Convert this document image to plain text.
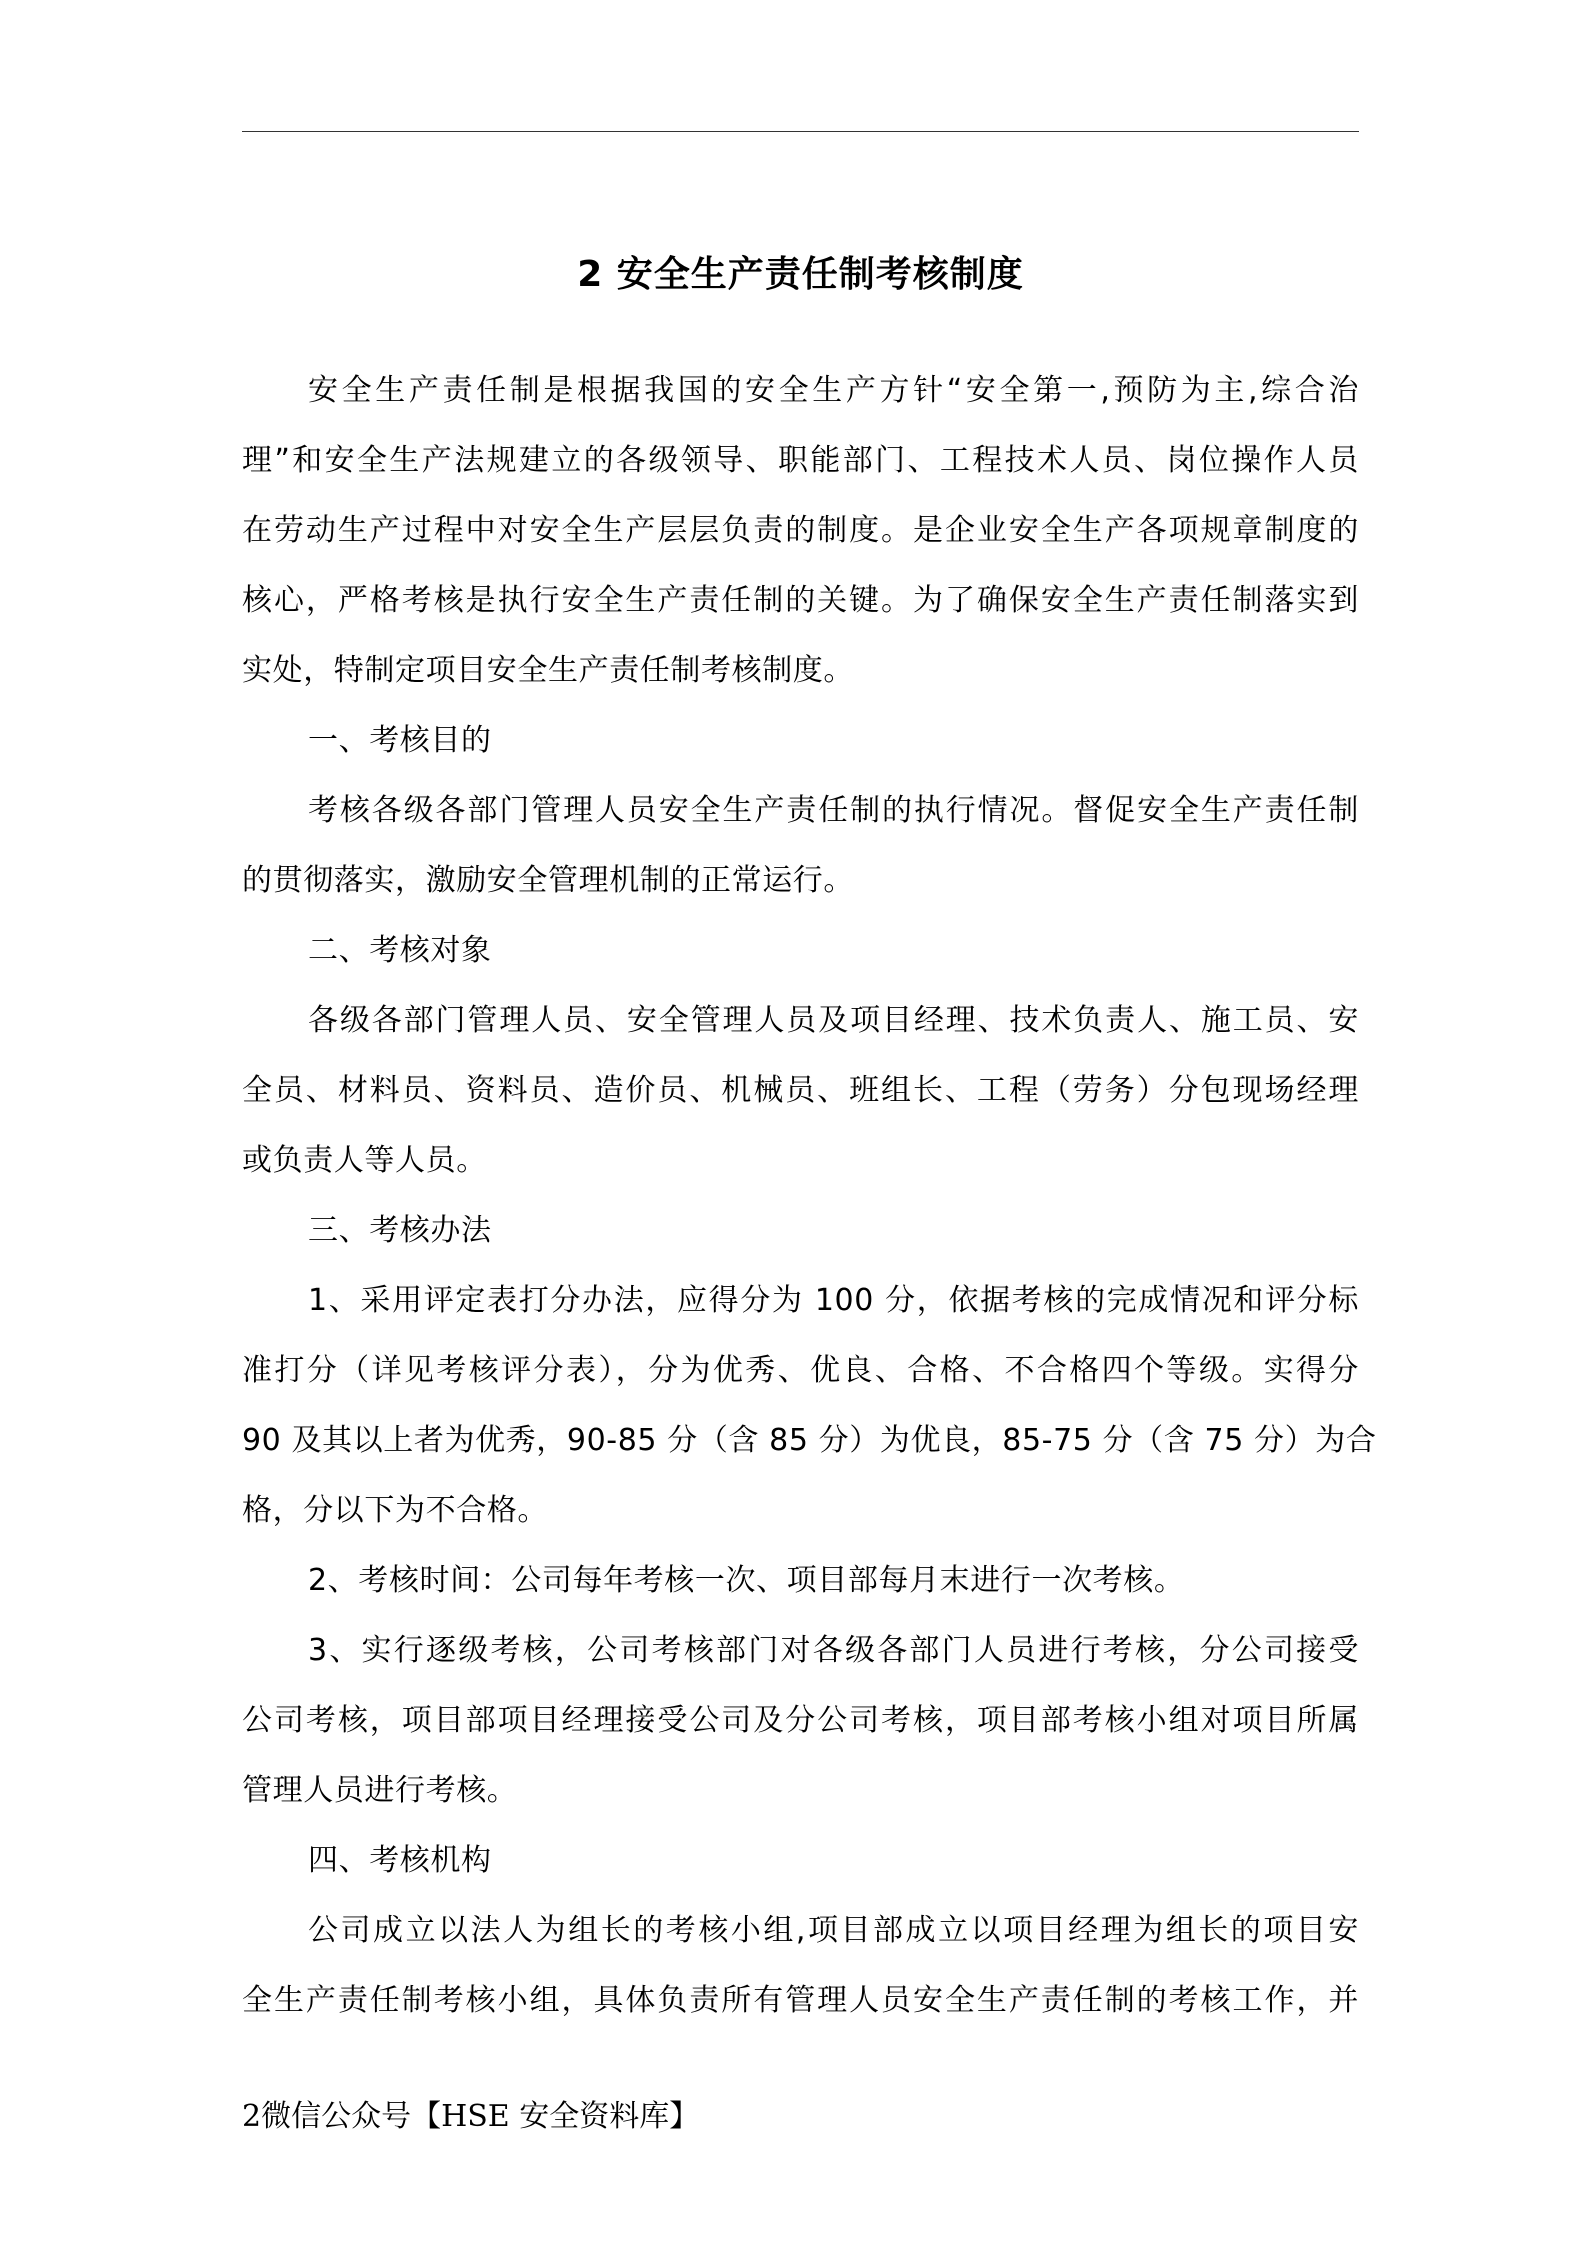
2 安全生产责任制考核制度

安全生产责任制是根据我国的安全生产方针“安全第一,预防为主,综合治

理”和安全生产法规建立的各级领导、职能部门、工程技术人员、岗位操作人员

在劳动生产过程中对安全生产层层负责的制度。是企业安全生产各项规章制度的

核心，严格考核是执行安全生产责任制的关键。为了确保安全生产责任制落实到

实处，特制定项目安全生产责任制考核制度。

一、考核目的

考核各级各部门管理人员安全生产责任制的执行情况。督促安全生产责任制

的贯彻落实，激励安全管理机制的正常运行。

二、考核对象

各级各部门管理人员、安全管理人员及项目经理、技术负责人、施工员、安

全员、材料员、资料员、造价员、机械员、班组长、工程（劳务）分包现场经理

或负责人等人员。

三、考核办法

1、采用评定表打分办法，应得分为 100 分，依据考核的完成情况和评分标

准打分（详见考核评分表），分为优秀、优良、合格、不合格四个等级。实得分

90 及其以上者为优秀，90-85 分（含 85 分）为优良，85-75 分（含 75 分）为合

格，分以下为不合格。

2、考核时间：公司每年考核一次、项目部每月末进行一次考核。

3、实行逐级考核，公司考核部门对各级各部门人员进行考核，分公司接受

公司考核，项目部项目经理接受公司及分公司考核，项目部考核小组对项目所属

管理人员进行考核。

四、考核机构

公司成立以法人为组长的考核小组,项目部成立以项目经理为组长的项目安

全生产责任制考核小组，具体负责所有管理人员安全生产责任制的考核工作，并

2微信公众号【HSE 安全资料库】
